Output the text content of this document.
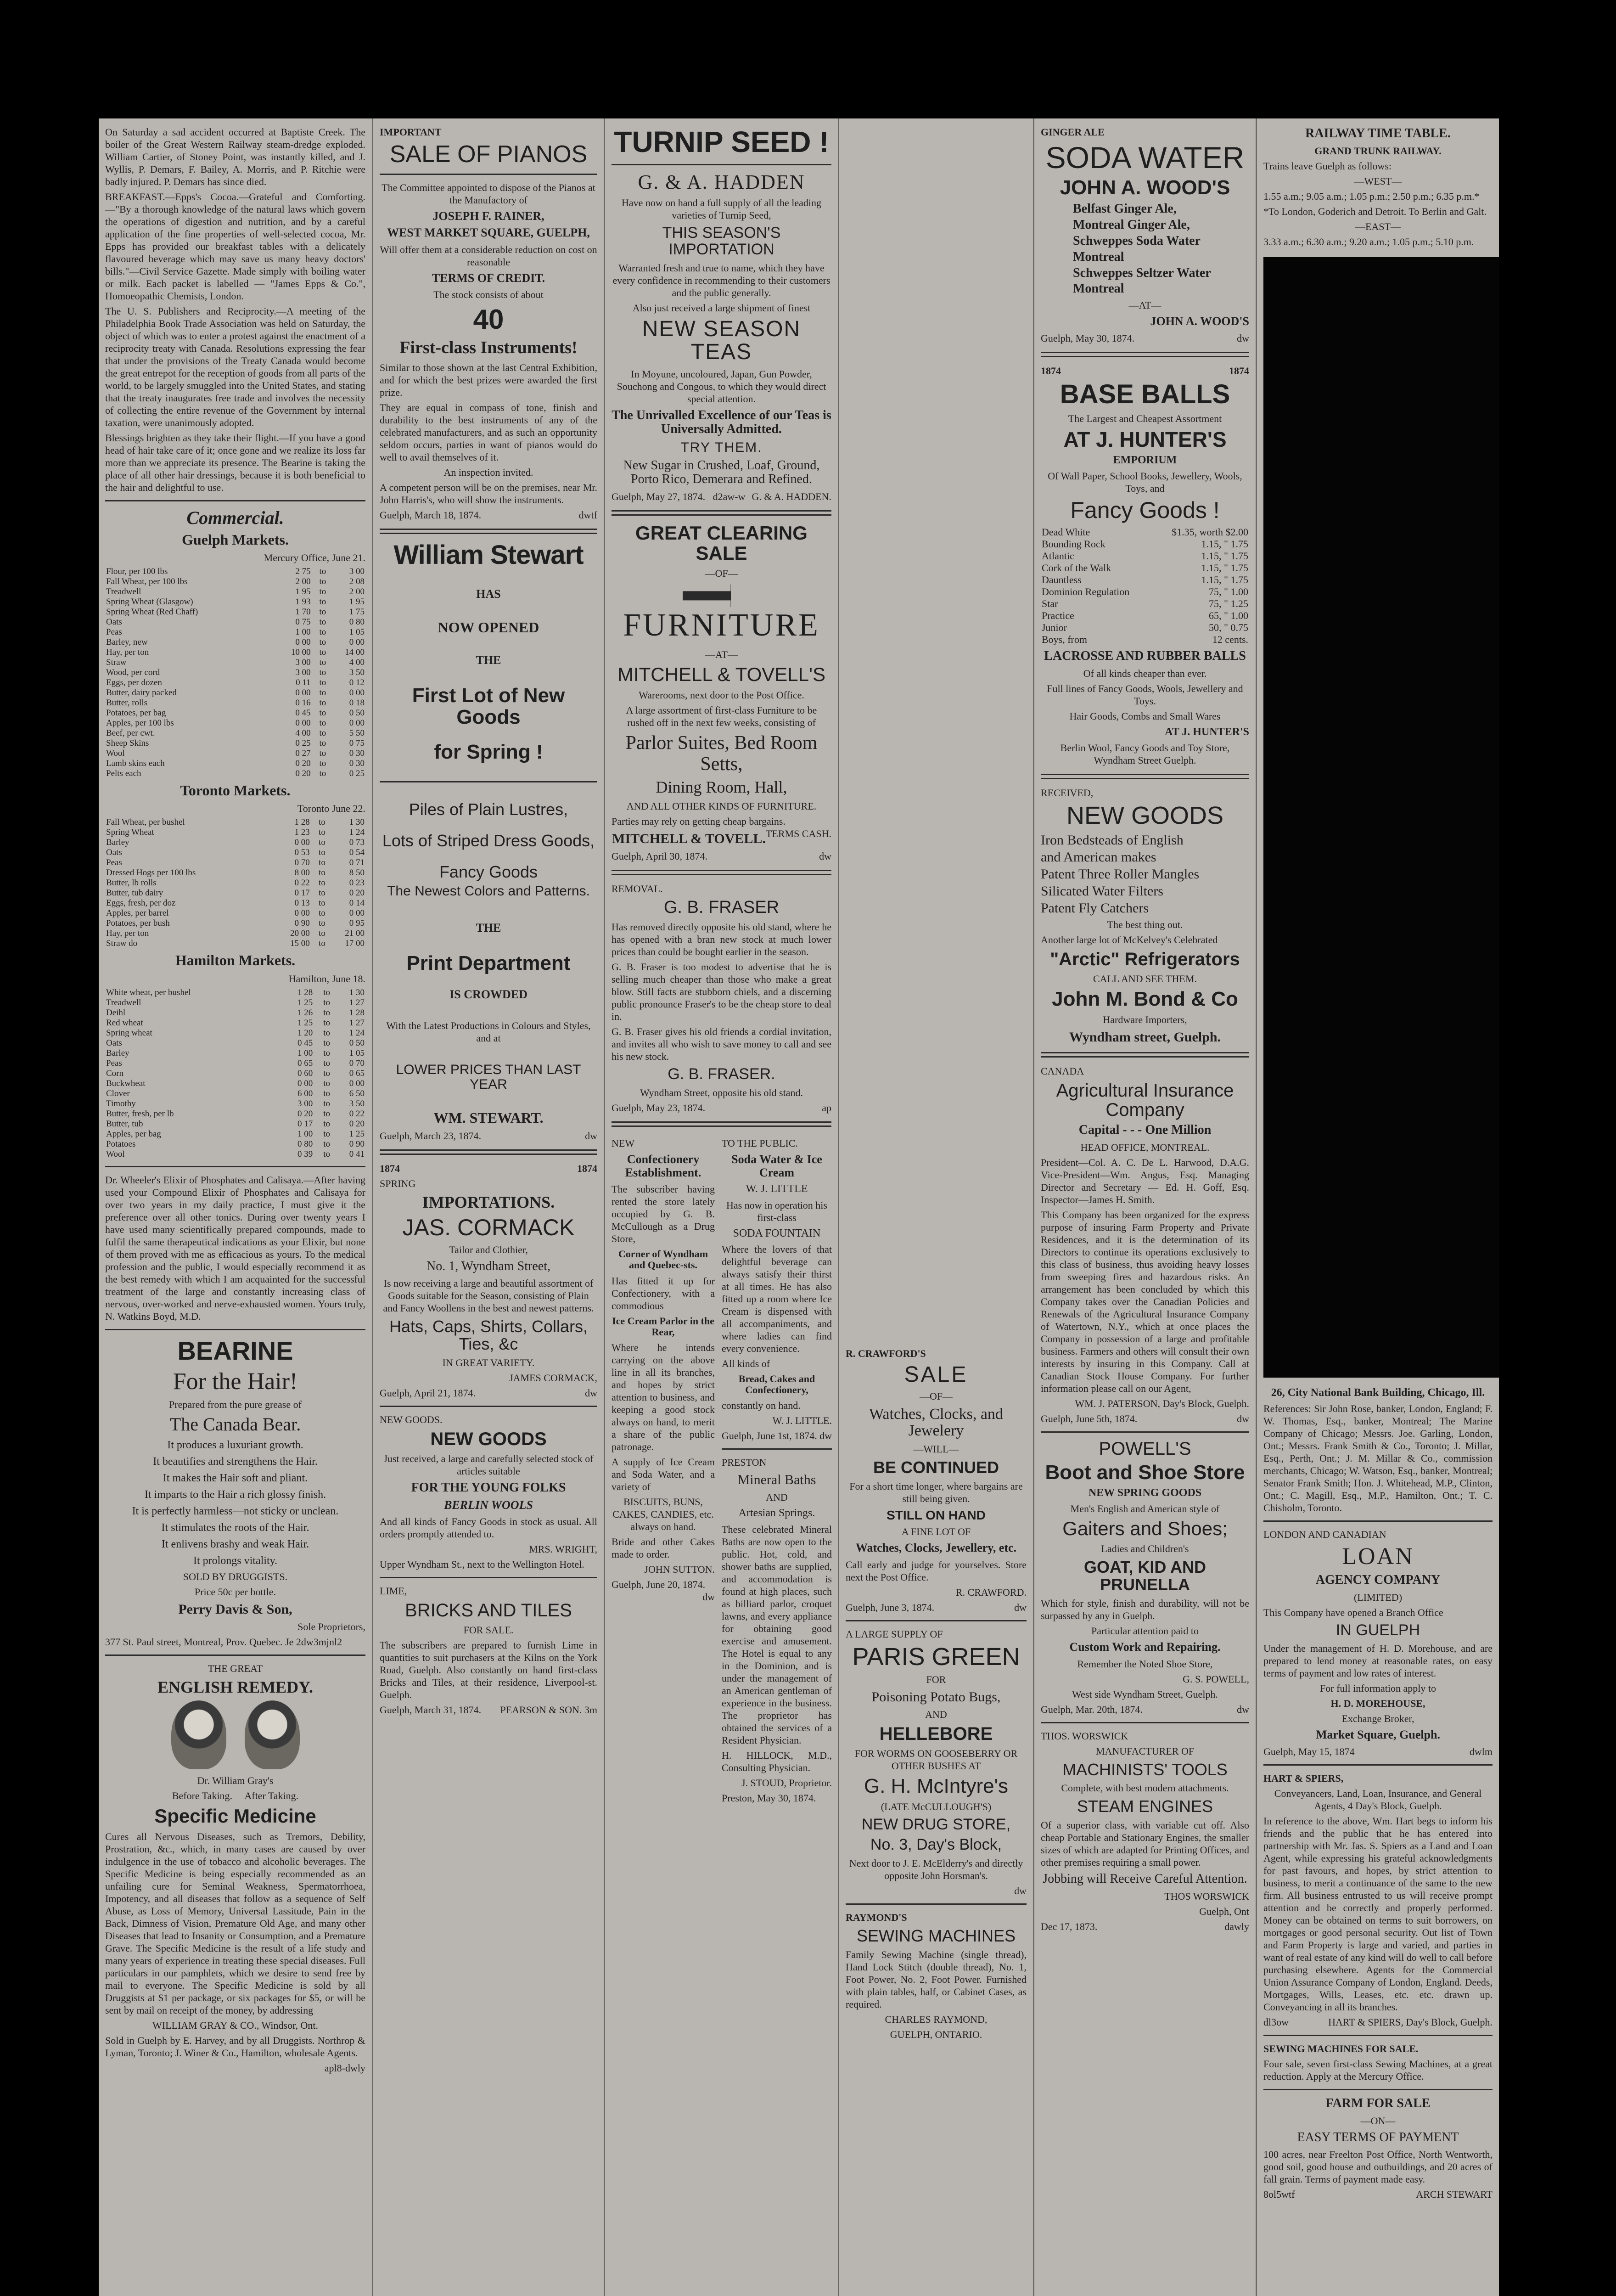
On Saturday a sad accident occurred at Baptiste Creek. The boiler of the Great Western Railway steam-dredge exploded. William Cartier, of Stoney Point, was instantly killed, and J. Wyllis, P. Demars, F. Bailey, A. Morris, and P. Ritchie were badly injured. P. Demars has since died.

BREAKFAST.—Epps's Cocoa.—Grateful and Comforting.—"By a thorough knowledge of the natural laws which govern the operations of digestion and nutrition, and by a careful application of the fine properties of well-selected cocoa, Mr. Epps has provided our breakfast tables with a delicately flavoured beverage which may save us many heavy doctors' bills."—Civil Service Gazette. Made simply with boiling water or milk. Each packet is labelled — "James Epps & Co.", Homoeopathic Chemists, London.

The U. S. Publishers and Reciprocity.—A meeting of the Philadelphia Book Trade Association was held on Saturday, the object of which was to enter a protest against the enactment of a reciprocity treaty with Canada. Resolutions expressing the fear that under the provisions of the Treaty Canada would become the great entrepot for the reception of goods from all parts of the world, to be largely smuggled into the United States, and stating that the treaty inaugurates free trade and involves the necessity of collecting the entire revenue of the Government by internal taxation, were unanimously adopted.

Blessings brighten as they take their flight.—If you have a good head of hair take care of it; once gone and we realize its loss far more than we appreciate its presence. The Bearine is taking the place of all other hair dressings, because it is both beneficial to the hair and delightful to use.

Commercial.
Guelph Markets.
Mercury Office, June 21.
Flour, per 100 lbs	2 75	to	3 00
Fall Wheat, per 100 lbs	2 00	to	2 08
Treadwell	1 95	to	2 00
Spring Wheat (Glasgow)	1 93	to	1 95
Spring Wheat (Red Chaff)	1 70	to	1 75
Oats	0 75	to	0 80
Peas	1 00	to	1 05
Barley, new	0 00	to	0 00
Hay, per ton	10 00	to	14 00
Straw	3 00	to	4 00
Wood, per cord	3 00	to	3 50
Eggs, per dozen	0 11	to	0 12
Butter, dairy packed	0 00	to	0 00
Butter, rolls	0 16	to	0 18
Potatoes, per bag	0 45	to	0 50
Apples, per 100 lbs	0 00	to	0 00
Beef, per cwt.	4 00	to	5 50
Sheep Skins	0 25	to	0 75
Wool	0 27	to	0 30
Lamb skins each	0 20	to	0 30
Pelts each	0 20	to	0 25
Toronto Markets.
Toronto June 22.
Fall Wheat, per bushel	1 28	to	1 30
Spring Wheat	1 23	to	1 24
Barley	0 00	to	0 73
Oats	0 53	to	0 54
Peas	0 70	to	0 71
Dressed Hogs per 100 lbs	8 00	to	8 50
Butter, lb rolls	0 22	to	0 23
Butter, tub dairy	0 17	to	0 20
Eggs, fresh, per doz	0 13	to	0 14
Apples, per barrel	0 00	to	0 00
Potatoes, per bush	0 90	to	0 95
Hay, per ton	20 00	to	21 00
Straw do	15 00	to	17 00
Hamilton Markets.
Hamilton, June 18.
White wheat, per bushel	1 28	to	1 30
Treadwell	1 25	to	1 27
Deihl	1 26	to	1 28
Red wheat	1 25	to	1 27
Spring wheat	1 20	to	1 24
Oats	0 45	to	0 50
Barley	1 00	to	1 05
Peas	0 65	to	0 70
Corn	0 60	to	0 65
Buckwheat	0 00	to	0 00
Clover	6 00	to	6 50
Timothy	3 00	to	3 50
Butter, fresh, per lb	0 20	to	0 22
Butter, tub	0 17	to	0 20
Apples, per bag	1 00	to	1 25
Potatoes	0 80	to	0 90
Wool	0 39	to	0 41

Dr. Wheeler's Elixir of Phosphates and Calisaya.—After having used your Compound Elixir of Phosphates and Calisaya for over two years in my daily practice, I must give it the preference over all other tonics. During over twenty years I have used many scientifically prepared compounds, made to fulfil the same therapeutical indications as your Elixir, but none of them proved with me as efficacious as yours. To the medical profession and the public, I would especially recommend it as the best remedy with which I am acquainted for the successful treatment of the large and constantly increasing class of nervous, over-worked and nerve-exhausted women. Yours truly, N. Watkins Boyd, M.D.

BEARINE
For the Hair!
Prepared from the pure grease of
The Canada Bear.
It produces a luxuriant growth.
It beautifies and strengthens the Hair.
It makes the Hair soft and pliant.
It imparts to the Hair a rich glossy finish.
It is perfectly harmless—not sticky or unclean.
It stimulates the roots of the Hair.
It enlivens brashy and weak Hair.
It prolongs vitality.
SOLD BY DRUGGISTS.
Price 50c per bottle.
Perry Davis & Son,
Sole Proprietors,
377 St. Paul street, Montreal, Prov. Quebec. Je 2dw3mjnl2
THE GREAT
ENGLISH REMEDY.

Dr. William Gray's
Before Taking. After Taking.
Specific Medicine

Cures all Nervous Diseases, such as Tremors, Debility, Prostration, &c., which, in many cases are caused by over indulgence in the use of tobacco and alcoholic beverages. The Specific Medicine is being especially recommended as an unfailing cure for Seminal Weakness, Spermatorrhoea, Impotency, and all diseases that follow as a sequence of Self Abuse, as Loss of Memory, Universal Lassitude, Pain in the Back, Dimness of Vision, Premature Old Age, and many other Diseases that lead to Insanity or Consumption, and a Premature Grave. The Specific Medicine is the result of a life study and many years of experience in treating these special diseases. Full particulars in our pamphlets, which we desire to send free by mail to everyone. The Specific Medicine is sold by all Druggists at $1 per package, or six packages for $5, or will be sent by mail on receipt of the money, by addressing

WILLIAM GRAY & CO., Windsor, Ont.

Sold in Guelph by E. Harvey, and by all Druggists. Northrop & Lyman, Toronto; J. Winer & Co., Hamilton, wholesale Agents.

apl8-dwly
IMPORTANT
SALE OF PIANOS

The Committee appointed to dispose of the Pianos at the Manufactory of

JOSEPH F. RAINER,
WEST MARKET SQUARE, GUELPH,

Will offer them at a considerable reduction on cost on reasonable

TERMS OF CREDIT.

The stock consists of about

40
First-class Instruments!

Similar to those shown at the last Central Exhibition, and for which the best prizes were awarded the first prize.

They are equal in compass of tone, finish and durability to the best instruments of any of the celebrated manufacturers, and as such an opportunity seldom occurs, parties in want of pianos would do well to avail themselves of it.

An inspection invited.

A competent person will be on the premises, near Mr. John Harris's, who will show the instruments.

Guelph, March 18, 1874.	dwtf
William Stewart
HAS
NOW OPENED
THE
First Lot of New Goods
for Spring !
Piles of Plain Lustres,
Lots of Striped Dress Goods,
Fancy Goods
The Newest Colors and Patterns.
THE
Print Department
IS CROWDED

With the Latest Productions in Colours and Styles, and at

LOWER PRICES THAN LAST YEAR
WM. STEWART.
Guelph, March 23, 1874.	dw
1874	1874
SPRING
IMPORTATIONS.
JAS. CORMACK
Tailor and Clothier,
No. 1, Wyndham Street,

Is now receiving a large and beautiful assortment of Goods suitable for the Season, consisting of Plain and Fancy Woollens in the best and newest patterns.

Hats, Caps, Shirts, Collars, Ties, &c
IN GREAT VARIETY.
JAMES CORMACK,
Guelph, April 21, 1874.	dw
NEW GOODS.
NEW GOODS

Just received, a large and carefully selected stock of articles suitable

FOR THE YOUNG FOLKS
BERLIN WOOLS

And all kinds of Fancy Goods in stock as usual. All orders promptly attended to.

MRS. WRIGHT,
Upper Wyndham St., next to the Wellington Hotel.
LIME,
BRICKS AND TILES
FOR SALE.

The subscribers are prepared to furnish Lime in quantities to suit purchasers at the Kilns on the York Road, Guelph. Also constantly on hand first-class Bricks and Tiles, at their residence, Liverpool-st. Guelph.

Guelph, March 31, 1874. PEARSON & SON. 3m
TURNIP SEED !
G. & A. HADDEN

Have now on hand a full supply of all the leading varieties of Turnip Seed,

THIS SEASON'S IMPORTATION

Warranted fresh and true to name, which they have every confidence in recommending to their customers and the public generally.

Also just received a large shipment of finest
NEW SEASON TEAS

In Moyune, uncoloured, Japan, Gun Powder, Souchong and Congous, to which they would direct special attention.

The Unrivalled Excellence of our Teas is Universally Admitted.
TRY THEM.
New Sugar in Crushed, Loaf, Ground, Porto Rico, Demerara and Refined.
Guelph, May 27, 1874. d2aw-w G. & A. HADDEN.
GREAT CLEARING SALE
—OF—
FURNITURE
—AT—
MITCHELL & TOVELL'S
Warerooms, next door to the Post Office.

A large assortment of first-class Furniture to be rushed off in the next few weeks, consisting of

Parlor Suites, Bed Room Setts,
Dining Room, Hall,
AND ALL OTHER KINDS OF FURNITURE.
Parties may rely on getting cheap bargains.
TERMS CASH.
MITCHELL & TOVELL.
Guelph, April 30, 1874.	dw
REMOVAL.
G. B. FRASER

Has removed directly opposite his old stand, where he has opened with a bran new stock at much lower prices than could be bought earlier in the season.

G. B. Fraser is too modest to advertise that he is selling much cheaper than those who make a great blow. Still facts are stubborn chiels, and a discerning public pronounce Fraser's to be the cheap store to deal in.

G. B. Fraser gives his old friends a cordial invitation, and invites all who wish to save money to call and see his new stock.

G. B. FRASER.
Wyndham Street, opposite his old stand.
Guelph, May 23, 1874.	ap
NEW
Confectionery Establishment.

The subscriber having rented the store lately occupied by G. B. McCullough as a Drug Store,

Corner of Wyndham and Quebec-sts.

Has fitted it up for Confectionery, with a commodious

Ice Cream Parlor in the Rear,

Where he intends carrying on the above line in all its branches, and hopes by strict attention to business, and keeping a good stock always on hand, to merit a share of the public patronage.

A supply of Ice Cream and Soda Water, and a variety of

BISCUITS, BUNS, CAKES, CANDIES, etc. always on hand.
Bride and other Cakes made to order.
JOHN SUTTON.
Guelph, June 20, 1874.
dw
TO THE PUBLIC.
Soda Water & Ice Cream
W. J. LITTLE
Has now in operation his first-class
SODA FOUNTAIN

Where the lovers of that delightful beverage can always satisfy their thirst at all times. He has also fitted up a room where Ice Cream is dispensed with all accompaniments, and where ladies can find every convenience.

All kinds of
Bread, Cakes and Confectionery,
constantly on hand.
W. J. LITTLE.
Guelph, June 1st, 1874. dw
PRESTON
Mineral Baths
AND
Artesian Springs.

These celebrated Mineral Baths are now open to the public. Hot, cold, and shower baths are supplied, and accommodation is found at high places, such as billiard parlor, croquet lawns, and every appliance for obtaining good exercise and amusement. The Hotel is equal to any in the Dominion, and is under the management of an American gentleman of experience in the business. The proprietor has obtained the services of a Resident Physician.

H. HILLOCK, M.D., Consulting Physician.
J. STOUD, Proprietor.
Preston, May 30, 1874.
R. CRAWFORD'S
SALE
—OF—
Watches, Clocks, and Jewelery
—WILL—
BE CONTINUED

For a short time longer, where bargains are still being given.

STILL ON HAND
A FINE LOT OF
Watches, Clocks, Jewellery, etc.

Call early and judge for yourselves. Store next the Post Office.

R. CRAWFORD.
Guelph, June 3, 1874.	dw
A LARGE SUPPLY OF
PARIS GREEN
FOR
Poisoning Potato Bugs,
AND
HELLEBORE
FOR WORMS ON GOOSEBERRY OR OTHER BUSHES AT
G. H. McIntyre's
(LATE McCULLOUGH'S)
NEW DRUG STORE,
No. 3, Day's Block,

Next door to J. E. McElderry's and directly opposite John Horsman's.

dw
RAYMOND'S
SEWING MACHINES

Family Sewing Machine (single thread), Hand Lock Stitch (double thread), No. 1, Foot Power, No. 2, Foot Power. Furnished with plain tables, half, or Cabinet Cases, as required.

CHARLES RAYMOND,
GUELPH, ONTARIO.
GINGER ALE
SODA WATER
JOHN A. WOOD'S
Belfast Ginger Ale,
Montreal Ginger Ale,
Schweppes Soda Water
Montreal
Schweppes Seltzer Water
Montreal
—AT—
JOHN A. WOOD'S
Guelph, May 30, 1874.	dw
1874	1874
BASE BALLS
The Largest and Cheapest Assortment
AT J. HUNTER'S
EMPORIUM
Of Wall Paper, School Books, Jewellery, Wools, Toys, and
Fancy Goods !
Dead White	$1.35, worth $2.00
Bounding Rock	1.15, " 1.75
Atlantic	1.15, " 1.75
Cork of the Walk	1.15, " 1.75
Dauntless	1.15, " 1.75
Dominion Regulation	75, " 1.00
Star	75, " 1.25
Practice	65, " 1.00
Junior	50, " 0.75
Boys, from	12 cents.
LACROSSE AND RUBBER BALLS
Of all kinds cheaper than ever.
Full lines of Fancy Goods, Wools, Jewellery and Toys.
Hair Goods, Combs and Small Wares
AT J. HUNTER'S
Berlin Wool, Fancy Goods and Toy Store, Wyndham Street Guelph.
RECEIVED,
NEW GOODS
Iron Bedsteads of English
and American makes
Patent Three Roller Mangles
Silicated Water Filters
Patent Fly Catchers
The best thing out.
Another large lot of McKelvey's Celebrated
"Arctic" Refrigerators
CALL AND SEE THEM.
John M. Bond & Co
Hardware Importers,
Wyndham street, Guelph.
CANADA
Agricultural Insurance Company
Capital - - - One Million
HEAD OFFICE, MONTREAL.

President—Col. A. C. De L. Harwood, D.A.G. Vice-President—Wm. Angus, Esq. Managing Director and Secretary — Ed. H. Goff, Esq. Inspector—James H. Smith.

This Company has been organized for the express purpose of insuring Farm Property and Private Residences, and it is the determination of its Directors to continue its operations exclusively to this class of business, thus avoiding heavy losses from sweeping fires and hazardous risks. An arrangement has been concluded by which this Company takes over the Canadian Policies and Renewals of the Agricultural Insurance Company of Watertown, N.Y., which at once places the Company in possession of a large and profitable business. Farmers and others will consult their own interests by insuring in this Company. Call at Canadian Stock House Company. For further information please call on our Agent,

WM. J. PATERSON, Day's Block, Guelph.
Guelph, June 5th, 1874.	dw
POWELL'S
Boot and Shoe Store
NEW SPRING GOODS
Men's English and American style of
Gaiters and Shoes;
Ladies and Children's
GOAT, KID AND PRUNELLA

Which for style, finish and durability, will not be surpassed by any in Guelph.

Particular attention paid to
Custom Work and Repairing.
Remember the Noted Shoe Store,
G. S. POWELL,
West side Wyndham Street, Guelph.
Guelph, Mar. 20th, 1874.	dw
THOS. WORSWICK
MANUFACTURER OF
MACHINISTS' TOOLS
Complete, with best modern attachments.
STEAM ENGINES

Of a superior class, with variable cut off. Also cheap Portable and Stationary Engines, the smaller sizes of which are adapted for Printing Offices, and other premises requiring a small power.

Jobbing will Receive Careful Attention.
THOS WORSWICK
Guelph, Ont
Dec 17, 1873.	dawly
RAILWAY TIME TABLE.
GRAND TRUNK RAILWAY.
Trains leave Guelph as follows:
—WEST—
1.55 a.m.; 9.05 a.m.; 1.05 p.m.; 2.50 p.m.; 6.35 p.m.*
*To London, Goderich and Detroit. To Berlin and Galt.
—EAST—
3.33 a.m.; 6.30 a.m.; 9.20 a.m.; 1.05 p.m.; 5.10 p.m.
26, City National Bank Building, Chicago, Ill.

References: Sir John Rose, banker, London, England; F. W. Thomas, Esq., banker, Montreal; The Marine Company of Chicago; Messrs. Joe. Garling, London, Ont.; Messrs. Frank Smith & Co., Toronto; J. Millar, Esq., Perth, Ont.; J. M. Millar & Co., commission merchants, Chicago; W. Watson, Esq., banker, Montreal; Senator Frank Smith; Hon. J. Whitehead, M.P., Clinton, Ont.; C. Magill, Esq., M.P., Hamilton, Ont.; T. C. Chisholm, Toronto.

LONDON AND CANADIAN
LOAN
AGENCY COMPANY
(LIMITED)
This Company have opened a Branch Office
IN GUELPH

Under the management of H. D. Morehouse, and are prepared to lend money at reasonable rates, on easy terms of payment and low rates of interest.

For full information apply to
H. D. MOREHOUSE,
Exchange Broker,
Market Square, Guelph.
Guelph, May 15, 1874	dwlm
HART & SPIERS,
Conveyancers, Land, Loan, Insurance, and General Agents, 4 Day's Block, Guelph.

In reference to the above, Wm. Hart begs to inform his friends and the public that he has entered into partnership with Mr. Jas. S. Spiers as a Land and Loan Agent, while expressing his grateful acknowledgments for past favours, and hopes, by strict attention to business, to merit a continuance of the same to the new firm. All business entrusted to us will receive prompt attention and be correctly and properly performed. Money can be obtained on terms to suit borrowers, on mortgages or good personal security. Out list of Town and Farm Property is large and varied, and parties in want of real estate of any kind will do well to call before purchasing elsewhere. Agents for the Commercial Union Assurance Company of London, England. Deeds, Mortgages, Wills, Leases, etc. etc. drawn up. Conveyancing in all its branches.

dl3ow	HART & SPIERS, Day's Block, Guelph.
SEWING MACHINES FOR SALE.

Four sale, seven first-class Sewing Machines, at a great reduction. Apply at the Mercury Office.

FARM FOR SALE
—ON—
EASY TERMS OF PAYMENT

100 acres, near Freelton Post Office, North Wentworth, good soil, good house and outbuildings, and 20 acres of fall grain. Terms of payment made easy.

8ol5wtf	ARCH STEWART
